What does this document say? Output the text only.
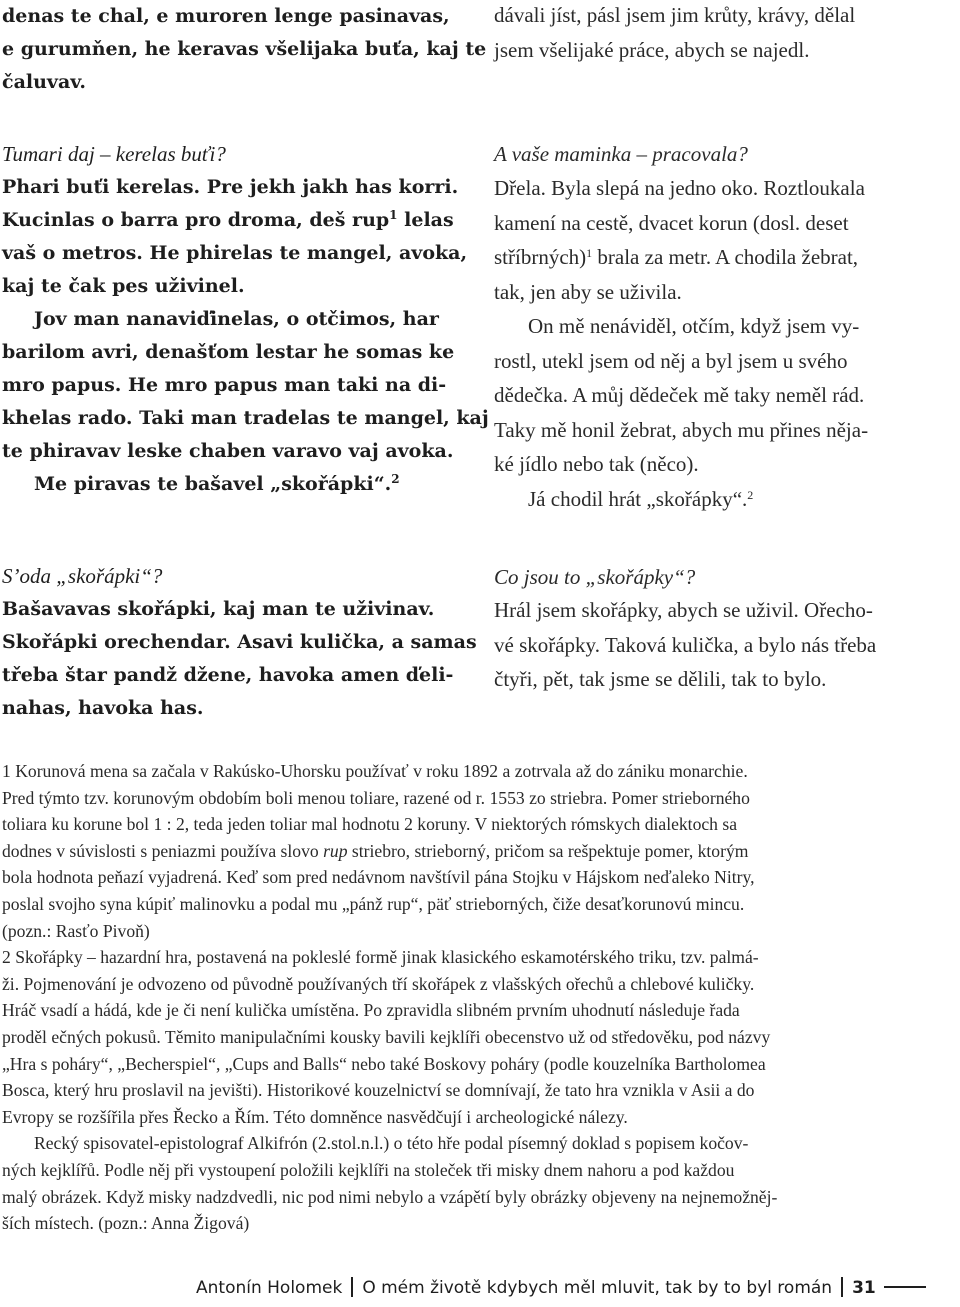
denas te chal, e muroren lenge pasinavas,
e gurumňen, he keravas všelijaka buťa, kaj te
čaluvav.
Tumari daj – kerelas buťi?
Phari buťi kerelas. Pre jekh jakh has korri.
Kucinlas o barra pro droma, deš rup$^1$ lelas
vaš o metros. He phirelas te mangel, avoka,
kaj te čak pes uživinel.
Jov man nanaviďinelas, o otčimos, har
barilom avri, denašťom lestar he somas ke
mro papus. He mro papus man taki na di-
khelas rado. Taki man tradelas te mangel, kaj
te phiravav leske chaben varavo vaj avoka.
Me piravas te bašavel „skořápki“.$^2$
S’oda „skořápki“?
Bašavavas skořápki, kaj man te uživinav.
Skořápki orechendar. Asavi kulička, a samas
třeba štar pandž džene, havoka amen ďeli-
nahas, havoka has.
dávali jíst, pásl jsem jim krůty, krávy, dělal
jsem všelijaké práce, abych se najedl.
A vaše maminka – pracovala?
Dřela. Byla slepá na jedno oko. Roztloukala
kamení na cestě, dvacet korun (dosl. deset
stříbrných)$^1$ brala za metr. A chodila žebrat,
tak, jen aby se uživila.
On mě nenáviděl, otčím, když jsem vy-
rostl, utekl jsem od něj a byl jsem u svého
dědečka. A můj dědeček mě taky neměl rád.
Taky mě honil žebrat, abych mu přines něja-
ké jídlo nebo tak (něco).
Já chodil hrát „skořápky“.$^2$
Co jsou to „skořápky“?
Hrál jsem skořápky, abych se uživil. Ořecho-
vé skořápky. Taková kulička, a bylo nás třeba
čtyři, pět, tak jsme se dělili, tak to bylo.
1 Korunová mena sa začala v Rakúsko-Uhorsku používať v roku 1892 a zotrvala až do zániku monarchie.
Pred týmto tzv. korunovým obdobím boli menou toliare, razené od r. 1553 zo striebra. Pomer strieborného
toliara ku korune bol 1 : 2, teda jeden toliar mal hodnotu 2 koruny. V niektorých rómskych dialektoch sa
dodnes v súvislosti s peniazmi používa slovo rup striebro, strieborný, pričom sa rešpektuje pomer, ktorým
bola hodnota peňazí vyjadrená. Keď som pred nedávnom navštívil pána Stojku v Hájskom neďaleko Nitry,
poslal svojho syna kúpiť malinovku a podal mu „pánž rup“, päť strieborných, čiže desaťkorunovú mincu.
(pozn.: Rasťo Pivoň)
2 Skořápky – hazardní hra, postavená na pokleslé formě jinak klasického eskamotérského triku, tzv. palmá-
ži. Pojmenování je odvozeno od původně používaných tří skořápek z vlašských ořechů a chlebové kuličky.
Hráč vsadí a hádá, kde je či není kulička umístěna. Po zpravidla slibném prvním uhodnutí následuje řada
proděl ečných pokusů. Těmito manipulačními kousky bavili kejklíři obecenstvo už od středověku, pod názvy
„Hra s poháry“, „Becherspiel“, „Cups and Balls“ nebo také Boskovy poháry (podle kouzelníka Bartholomea
Bosca, který hru proslavil na jevišti). Historikové kouzelnictví se domnívají, že tato hra vznikla v Asii a do
Evropy se rozšířila přes Řecko a Řím. Této domněnce nasvědčují i archeologické nálezy.
Recký spisovatel-epistolograf Alkifrón (2.stol.n.l.) o této hře podal písemný doklad s popisem kočov-
ných kejklířů. Podle něj při vystoupení položili kejklíři na stoleček tři misky dnem nahoru a pod každou
malý obrázek. Když misky nadzdvedli, nic pod nimi nebylo a vzápětí byly obrázky objeveny na nejnemožněj-
ších místech. (pozn.: Anna Žigová)
Antonín Holomek O mém životě kdybych měl mluvit, tak by to byl román 31
